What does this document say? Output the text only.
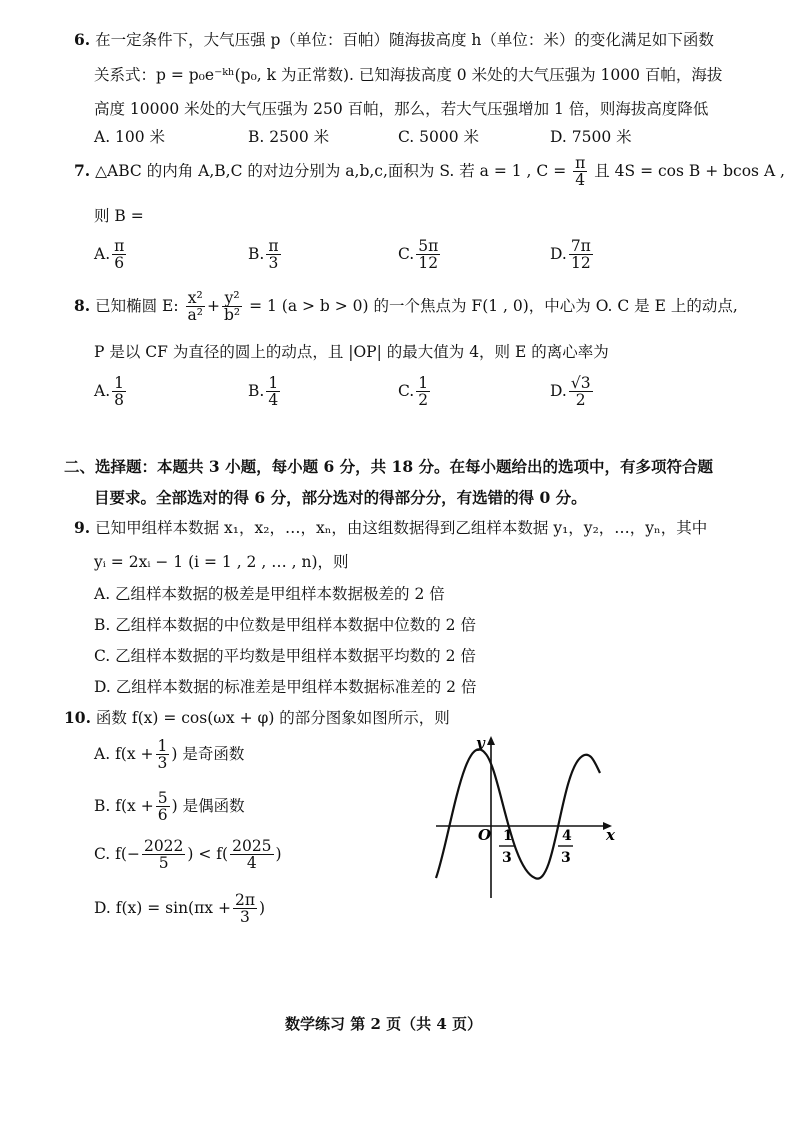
6. 在一定条件下，大气压强 p（单位：百帕）随海拔高度 h（单位：米）的变化满足如下函数
关系式：p = p₀e⁻ᵏʰ(p₀, k 为正常数). 已知海拔高度 0 米处的大气压强为 1000 百帕，海拔
高度 10000 米处的大气压强为 250 百帕，那么，若大气压强增加 1 倍，则海拔高度降低
A. 100 米	B. 2500 米	C. 5000 米	D. 7500 米
7. △ABC 的内角 A,B,C 的对边分别为 a,b,c,面积为 S. 若 a = 1 , $C = \frac{\pi}{4}$ 且 4S = cos B + bcos A ,
则 B =
A. $\frac{\pi}{6}$	B. $\frac{\pi}{3}$	C. $\frac{5\pi}{12}$	D. $\frac{7\pi}{12}$
8. 已知椭圆 E: $\frac{\text{x²}}{\text{a²}} + \frac{\text{y²}}{\text{b²}} = 1$ (a > b > 0) 的一个焦点为 F(1 , 0)，中心为 O. C 是 E 上的动点,
P 是以 CF 为直径的圆上的动点，且 |OP| 的最大值为 4，则 E 的离心率为
A. $\frac{1}{8}$	B. $\frac{1}{4}$	C. $\frac{1}{2}$	D. $\frac{√3}{2}$
二、选择题：本题共 3 小题，每小题 6 分，共 18 分。在每小题给出的选项中，有多项符合题
目要求。全部选对的得 6 分，部分选对的得部分分，有选错的得 0 分。
9. 已知甲组样本数据 x₁，x₂，…，xₙ，由这组数据得到乙组样本数据 y₁，y₂，…，yₙ，其中
yᵢ = 2xᵢ − 1 (i = 1 , 2 , … , n)，则
A. 乙组样本数据的极差是甲组样本数据极差的 2 倍
B. 乙组样本数据的中位数是甲组样本数据中位数的 2 倍
C. 乙组样本数据的平均数是甲组样本数据平均数的 2 倍
D. 乙组样本数据的标准差是甲组样本数据标准差的 2 倍
10. 函数 f(x) = cos(ωx + φ) 的部分图象如图所示，则
A. $f(x + \frac{1}{3}$ ) 是奇函数
B. $f(x + \frac{5}{6}$ ) 是偶函数
C. $f(- \frac{2022}{5}$ ) < $f( \frac{2025}{4}$ )
D. $f(x) = \sin(\pi x + \frac{2\pi}{3}$ )
y
x
O 1
3
4
3
数学练习 第 2 页（共 4 页）
